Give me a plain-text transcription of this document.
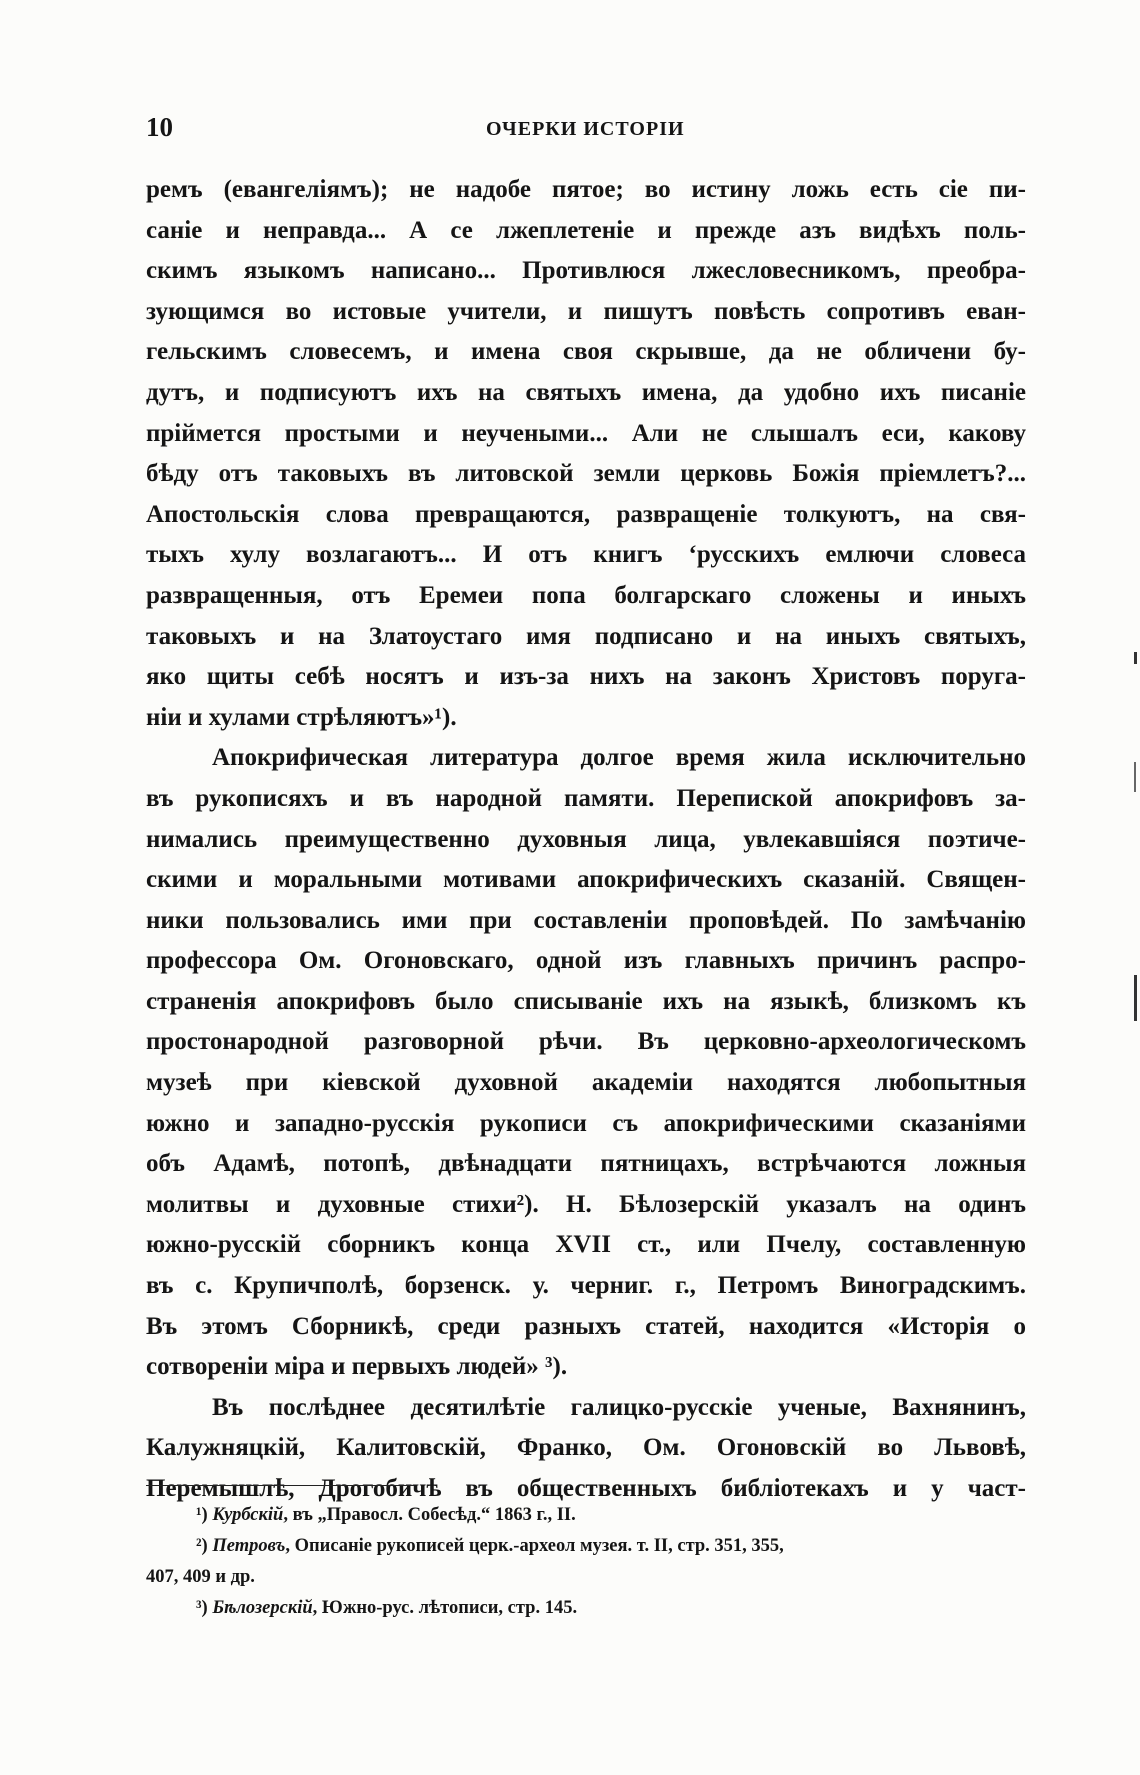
10	ОЧЕРКИ ИСТОРІИ
ремъ (евангеліямъ); не надобе пятое; во истину ложь есть сіе пи-
саніе и неправда... А се лжеплетеніе и прежде азъ видѣхъ поль-
скимъ языкомъ написано... Противлюся лжесловесникомъ, преобра-
зующимся во истовые учители, и пишутъ повѣсть сопротивъ еван-
гельскимъ словесемъ, и имена своя скрывше, да не обличени бу-
дутъ, и подписуютъ ихъ на святыхъ имена, да удобно ихъ писаніе
пріймется простыми и неучеными... Али не слышалъ еси, какову
бѣду отъ таковыхъ въ литовской земли церковь Божія пріемлетъ?...
Апостольскія слова превращаются, развращеніе толкуютъ, на свя-
тыхъ хулу возлагаютъ... И отъ книгъ ʻрусскихъ емлючи словеса
развращенныя, отъ Еремеи попа болгарскаго сложены и иныхъ
таковыхъ и на Златоустаго имя подписано и на иныхъ святыхъ,
яко щиты себѣ носятъ и изъ-за нихъ на законъ Христовъ поруга-
ніи и хулами стрѣляютъ»¹).
Апокрифическая литература долгое время жила исключительно
въ рукописяхъ и въ народной памяти. Перепиской апокрифовъ за-
нимались преимущественно духовныя лица, увлекавшіяся поэтиче-
скими и моральными мотивами апокрифическихъ сказаній. Священ-
ники пользовались ими при составленіи проповѣдей. По замѣчанію
профессора Ом. Огоновскаго, одной изъ главныхъ причинъ распро-
страненія апокрифовъ было списываніе ихъ на языкѣ, близкомъ къ
простонародной разговорной рѣчи. Въ церковно-археологическомъ
музеѣ при кіевской духовной академіи находятся любопытныя
южно и западно-русскія рукописи съ апокрифическими сказаніями
объ Адамѣ, потопѣ, двѣнадцати пятницахъ, встрѣчаются ложныя
молитвы и духовные стихи²). Н. Бѣлозерскій указалъ на одинъ
южно-русскій сборникъ конца XVII ст., или Пчелу, составленную
въ с. Крупичполѣ, борзенск. у. черниг. г., Петромъ Виноградскимъ.
Въ этомъ Сборникѣ, среди разныхъ статей, находится «Исторія о
сотвореніи міра и первыхъ людей» ³).
Въ послѣднее десятилѣтіе галицко-русскіе ученые, Вахнянинъ,
Калужняцкій, Калитовскій, Франко, Ом. Огоновскій во Львовѣ,
Перемышлѣ, Дрогобичѣ въ общественныхъ библіотекахъ и у част-
¹) Курбскій, въ „Правосл. Собесѣд.“ 1863 г., II.
²) Петровъ, Описаніе рукописей церк.-археол музея. т. II, стр. 351, 355,
407, 409 и др.
³) Бѣлозерскій, Южно-рус. лѣтописи, стр. 145.
